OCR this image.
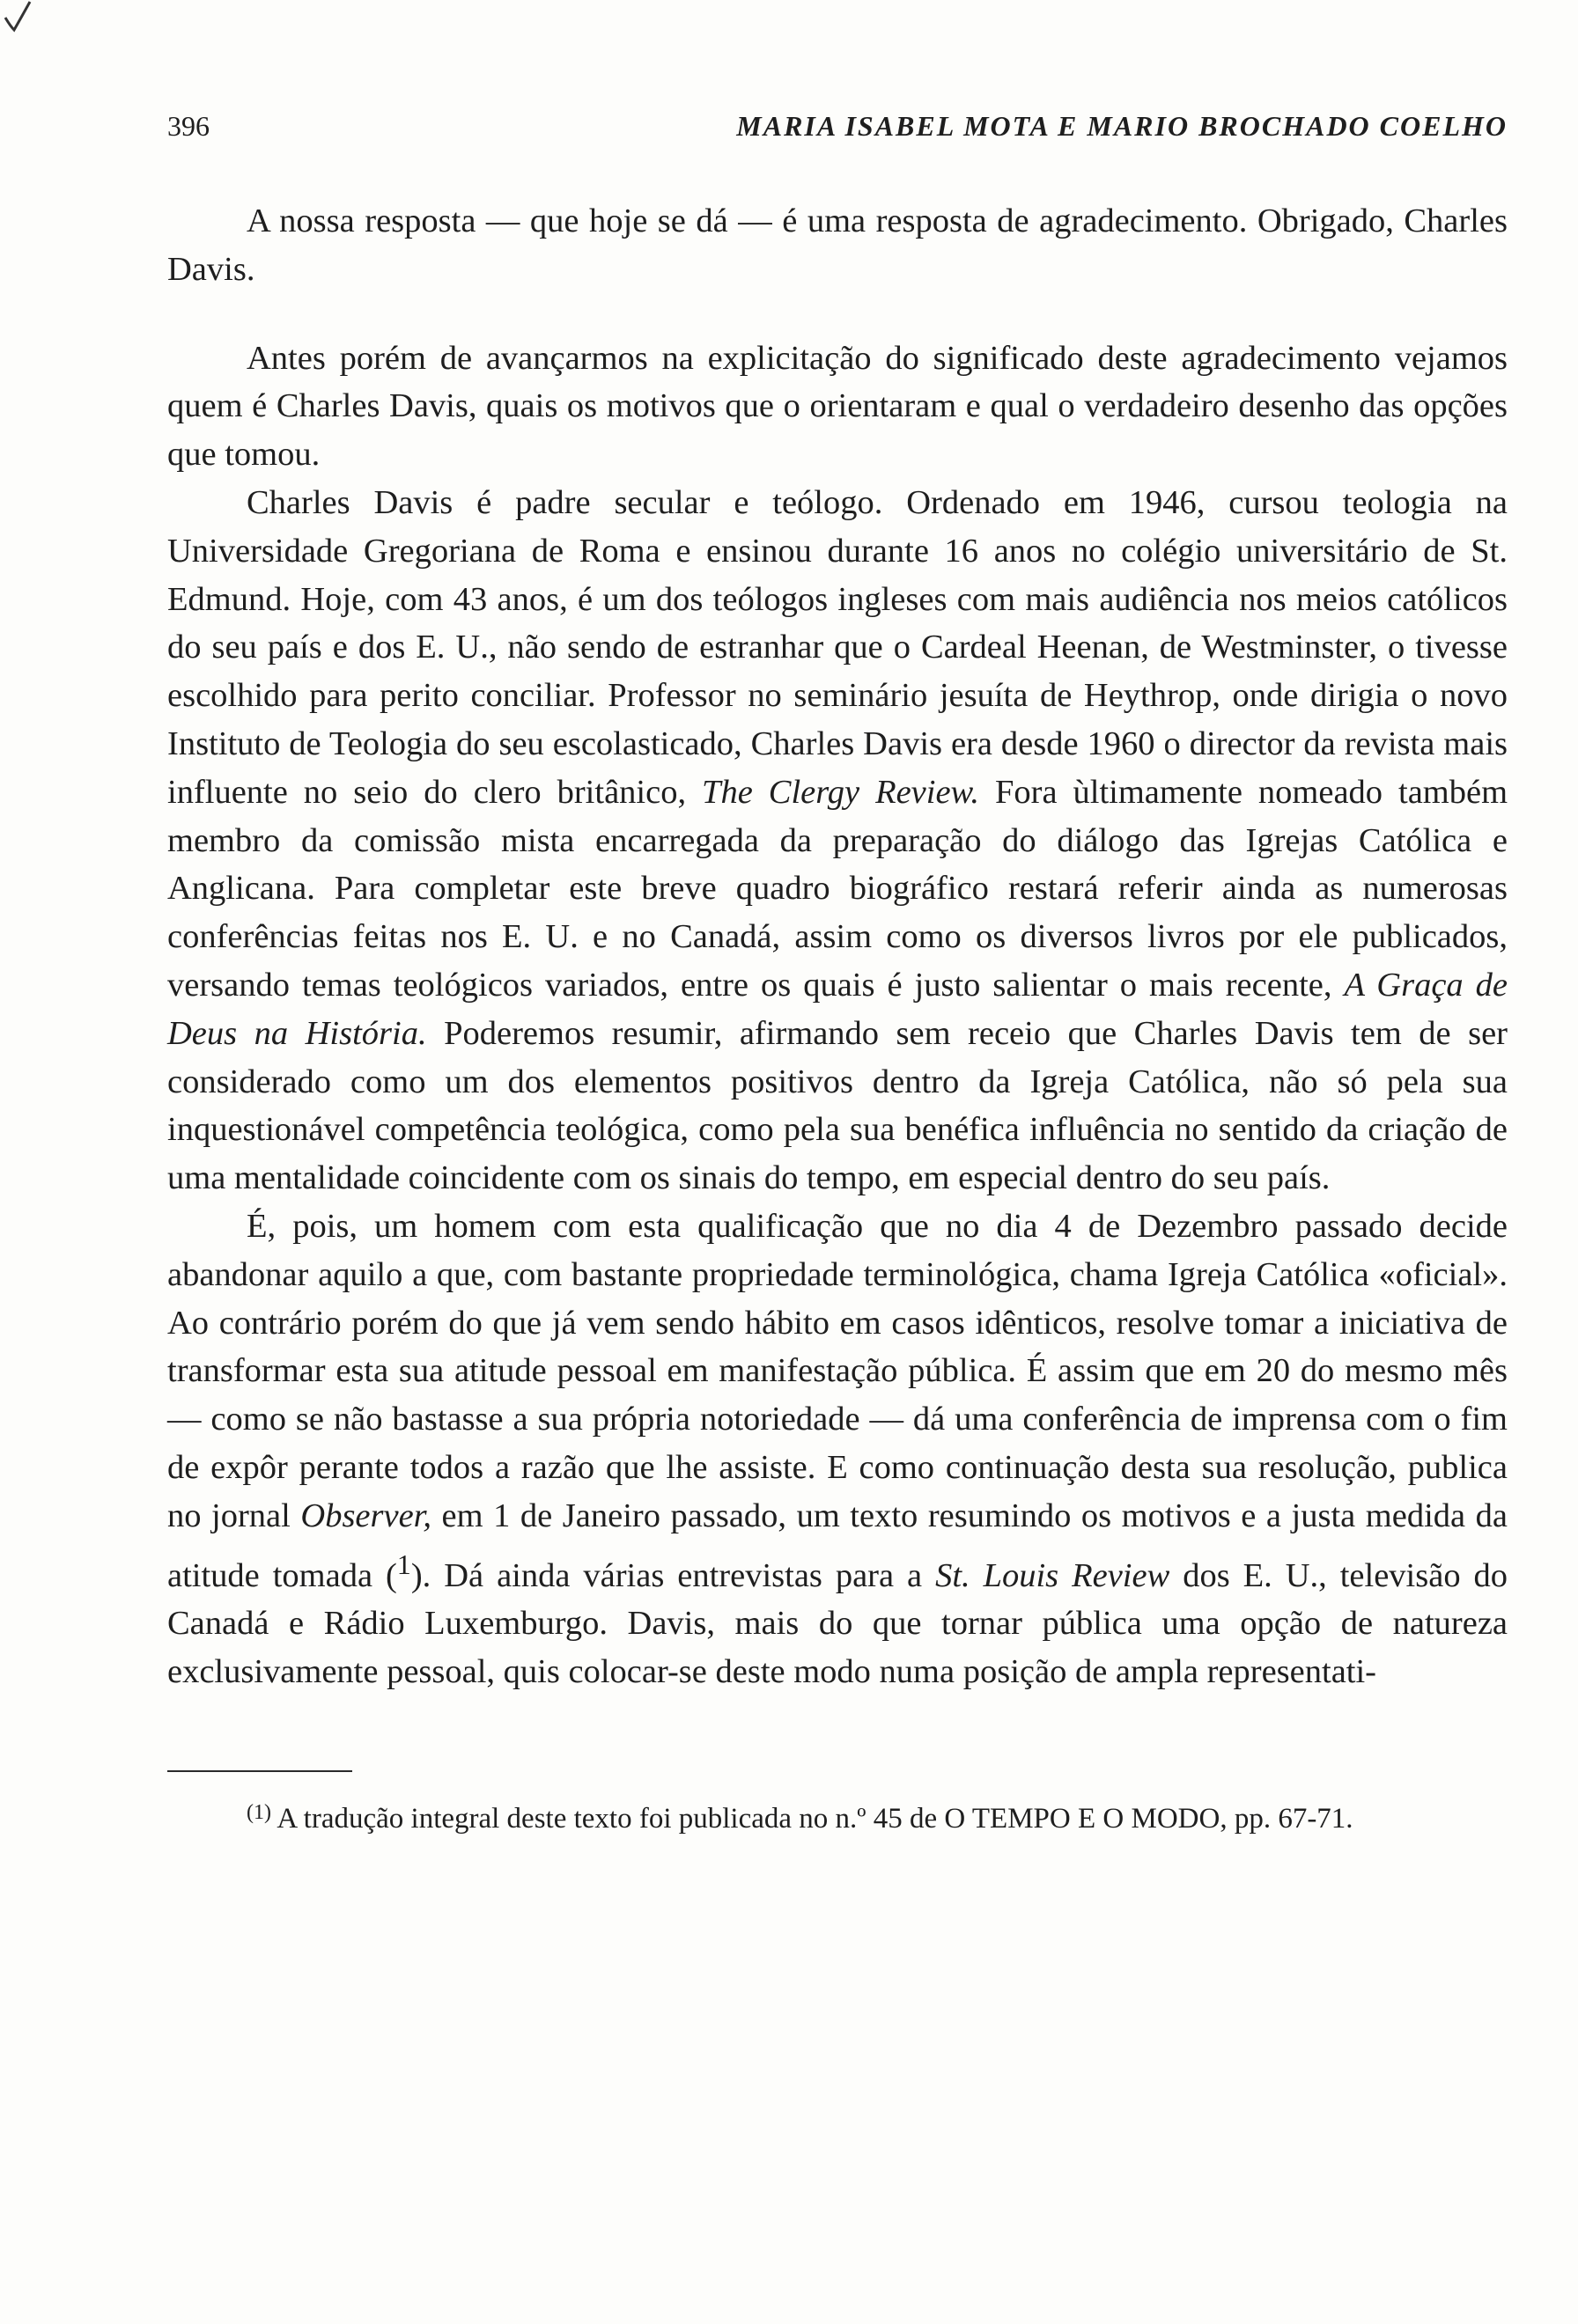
396	MARIA ISABEL MOTA E MARIO BROCHADO COELHO

A nossa resposta — que hoje se dá — é uma resposta de agradecimento. Obrigado, Charles Davis.

Antes porém de avançarmos na explicitação do significado deste agradecimento vejamos quem é Charles Davis, quais os motivos que o orientaram e qual o verdadeiro desenho das opções que tomou.

Charles Davis é padre secular e teólogo. Ordenado em 1946, cursou teologia na Universidade Gregoriana de Roma e ensinou durante 16 anos no colégio universitário de St. Edmund. Hoje, com 43 anos, é um dos teólogos ingleses com mais audiência nos meios católicos do seu país e dos E. U., não sendo de estranhar que o Cardeal Heenan, de Westminster, o tivesse escolhido para perito conciliar. Professor no seminário jesuíta de Heythrop, onde dirigia o novo Instituto de Teologia do seu escolasticado, Charles Davis era desde 1960 o director da revista mais influente no seio do clero britânico, The Clergy Review. Fora ùltimamente nomeado também membro da comissão mista encarregada da preparação do diálogo das Igrejas Católica e Anglicana. Para completar este breve quadro biográfico restará referir ainda as numerosas conferências feitas nos E. U. e no Canadá, assim como os diversos livros por ele publicados, versando temas teológicos variados, entre os quais é justo salientar o mais recente, A Graça de Deus na História. Poderemos resumir, afirmando sem receio que Charles Davis tem de ser considerado como um dos elementos positivos dentro da Igreja Católica, não só pela sua inquestionável competência teológica, como pela sua benéfica influência no sentido da criação de uma mentalidade coincidente com os sinais do tempo, em especial dentro do seu país.

É, pois, um homem com esta qualificação que no dia 4 de Dezembro passado decide abandonar aquilo a que, com bastante propriedade terminológica, chama Igreja Católica «oficial». Ao contrário porém do que já vem sendo hábito em casos idênticos, resolve tomar a iniciativa de transformar esta sua atitude pessoal em manifestação pública. É assim que em 20 do mesmo mês — como se não bastasse a sua própria notoriedade — dá uma conferência de imprensa com o fim de expôr perante todos a razão que lhe assiste. E como continuação desta sua resolução, publica no jornal Observer, em 1 de Janeiro passado, um texto resumindo os motivos e a justa medida da atitude tomada ($^1$). Dá ainda várias entrevistas para a St. Louis Review dos E. U., televisão do Canadá e Rádio Luxemburgo. Davis, mais do que tornar pública uma opção de natureza exclusivamente pessoal, quis colocar-se deste modo numa posição de ampla representati-

$^{(1)}$ A tradução integral deste texto foi publicada no n.º 45 de O TEMPO E O MODO, pp. 67-71.
